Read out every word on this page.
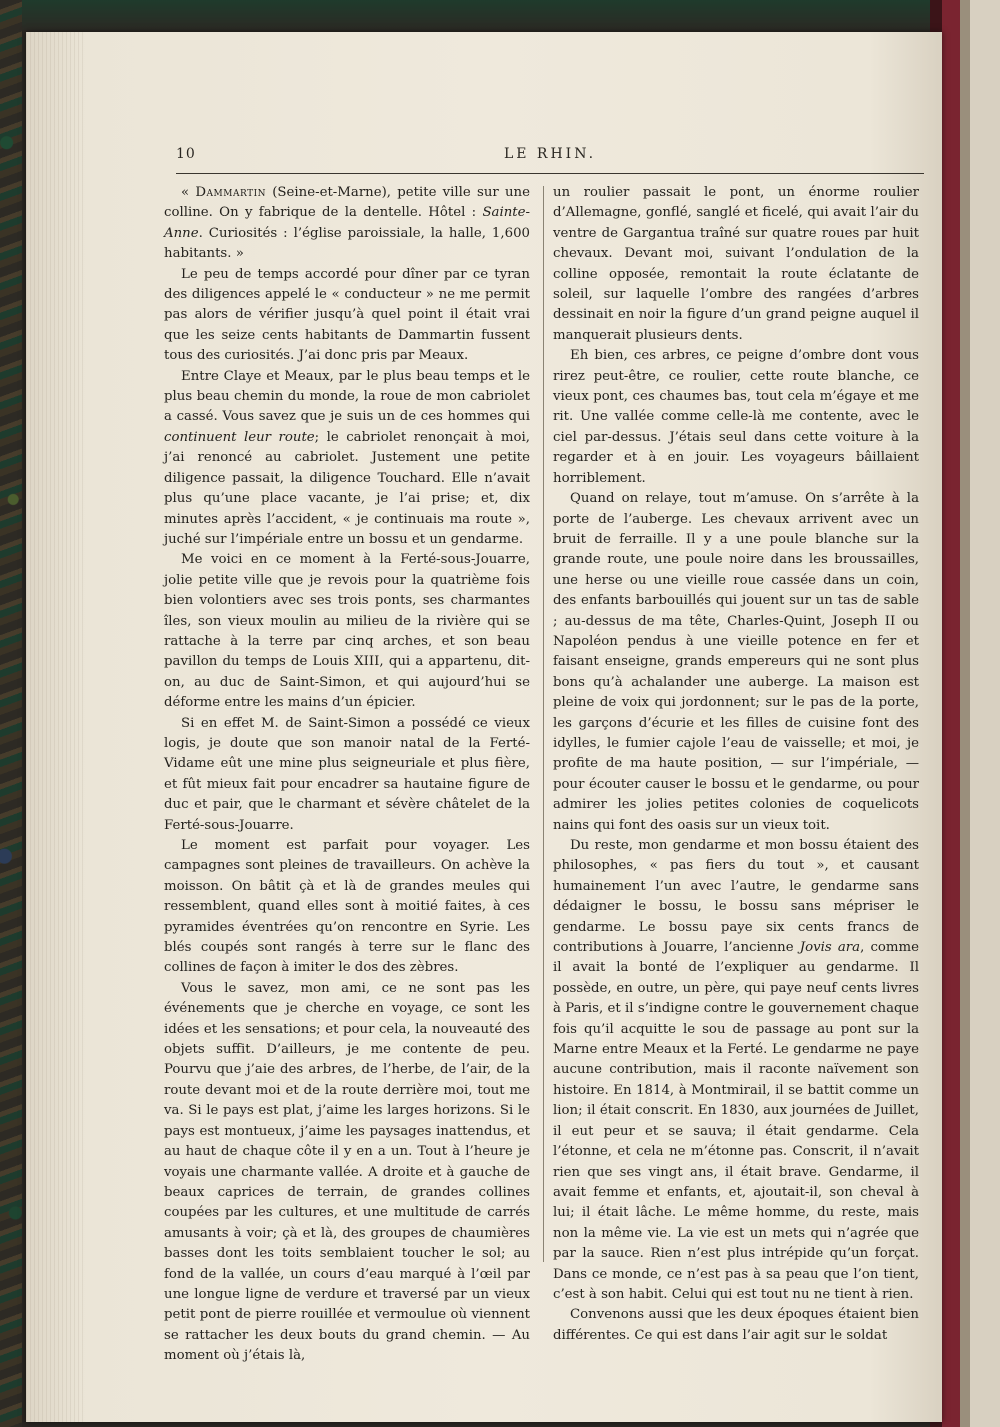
10	LE RHIN.

« Dammartin (Seine-et-Marne), petite ville sur une colline. On y fabrique de la dentelle. Hôtel : Sainte-Anne. Curiosités : l’église paroissiale, la halle, 1,600 habitants. »

Le peu de temps accordé pour dîner par ce tyran des diligences appelé le « conducteur » ne me permit pas alors de vérifier jusqu’à quel point il était vrai que les seize cents habitants de Dammartin fussent tous des curiosités. J’ai donc pris par Meaux.

Entre Claye et Meaux, par le plus beau temps et le plus beau chemin du monde, la roue de mon cabriolet a cassé. Vous savez que je suis un de ces hommes qui continuent leur route; le cabriolet renonçait à moi, j’ai renoncé au cabriolet. Justement une petite diligence passait, la diligence Touchard. Elle n’avait plus qu’une place vacante, je l’ai prise; et, dix minutes après l’accident, « je continuais ma route », juché sur l’impériale entre un bossu et un gendarme.

Me voici en ce moment à la Ferté-sous-Jouarre, jolie petite ville que je revois pour la quatrième fois bien volontiers avec ses trois ponts, ses charmantes îles, son vieux moulin au milieu de la rivière qui se rattache à la terre par cinq arches, et son beau pavillon du temps de Louis XIII, qui a appartenu, dit-on, au duc de Saint-Simon, et qui aujourd’hui se déforme entre les mains d’un épicier.

Si en effet M. de Saint-Simon a possédé ce vieux logis, je doute que son manoir natal de la Ferté-Vidame eût une mine plus seigneuriale et plus fière, et fût mieux fait pour encadrer sa hautaine figure de duc et pair, que le charmant et sévère châtelet de la Ferté-sous-Jouarre.

Le moment est parfait pour voyager. Les campagnes sont pleines de travailleurs. On achève la moisson. On bâtit çà et là de grandes meules qui ressemblent, quand elles sont à moitié faites, à ces pyramides éventrées qu’on rencontre en Syrie. Les blés coupés sont rangés à terre sur le flanc des collines de façon à imiter le dos des zèbres.

Vous le savez, mon ami, ce ne sont pas les événements que je cherche en voyage, ce sont les idées et les sensations; et pour cela, la nouveauté des objets suffit. D’ailleurs, je me contente de peu. Pourvu que j’aie des arbres, de l’herbe, de l’air, de la route devant moi et de la route derrière moi, tout me va. Si le pays est plat, j’aime les larges horizons. Si le pays est montueux, j’aime les paysages inattendus, et au haut de chaque côte il y en a un. Tout à l’heure je voyais une charmante vallée. A droite et à gauche de beaux caprices de terrain, de grandes collines coupées par les cultures, et une multitude de carrés amusants à voir; çà et là, des groupes de chaumières basses dont les toits semblaient toucher le sol; au fond de la vallée, un cours d’eau marqué à l’œil par une longue ligne de verdure et traversé par un vieux petit pont de pierre rouillée et vermoulue où viennent se rattacher les deux bouts du grand chemin. — Au moment où j’étais là,

un roulier passait le pont, un énorme roulier d’Allemagne, gonflé, sanglé et ficelé, qui avait l’air du ventre de Gargantua traîné sur quatre roues par huit chevaux. Devant moi, suivant l’ondulation de la colline opposée, remontait la route éclatante de soleil, sur laquelle l’ombre des rangées d’arbres dessinait en noir la figure d’un grand peigne auquel il manquerait plusieurs dents.

Eh bien, ces arbres, ce peigne d’ombre dont vous rirez peut-être, ce roulier, cette route blanche, ce vieux pont, ces chaumes bas, tout cela m’égaye et me rit. Une vallée comme celle-là me contente, avec le ciel par-dessus. J’étais seul dans cette voiture à la regarder et à en jouir. Les voyageurs bâillaient horriblement.

Quand on relaye, tout m’amuse. On s’arrête à la porte de l’auberge. Les chevaux arrivent avec un bruit de ferraille. Il y a une poule blanche sur la grande route, une poule noire dans les broussailles, une herse ou une vieille roue cassée dans un coin, des enfants barbouillés qui jouent sur un tas de sable ; au-dessus de ma tête, Charles-Quint, Joseph II ou Napoléon pendus à une vieille potence en fer et faisant enseigne, grands empereurs qui ne sont plus bons qu’à achalander une auberge. La maison est pleine de voix qui jordonnent; sur le pas de la porte, les garçons d’écurie et les filles de cuisine font des idylles, le fumier cajole l’eau de vaisselle; et moi, je profite de ma haute position, — sur l’impériale, — pour écouter causer le bossu et le gendarme, ou pour admirer les jolies petites colonies de coquelicots nains qui font des oasis sur un vieux toit.

Du reste, mon gendarme et mon bossu étaient des philosophes, « pas fiers du tout », et causant humainement l’un avec l’autre, le gendarme sans dédaigner le bossu, le bossu sans mépriser le gendarme. Le bossu paye six cents francs de contributions à Jouarre, l’ancienne Jovis ara, comme il avait la bonté de l’expliquer au gendarme. Il possède, en outre, un père, qui paye neuf cents livres à Paris, et il s’indigne contre le gouvernement chaque fois qu’il acquitte le sou de passage au pont sur la Marne entre Meaux et la Ferté. Le gendarme ne paye aucune contribution, mais il raconte naïvement son histoire. En 1814, à Montmirail, il se battit comme un lion; il était conscrit. En 1830, aux journées de Juillet, il eut peur et se sauva; il était gendarme. Cela l’étonne, et cela ne m’étonne pas. Conscrit, il n’avait rien que ses vingt ans, il était brave. Gendarme, il avait femme et enfants, et, ajoutait-il, son cheval à lui; il était lâche. Le même homme, du reste, mais non la même vie. La vie est un mets qui n’agrée que par la sauce. Rien n’est plus intrépide qu’un forçat. Dans ce monde, ce n’est pas à sa peau que l’on tient, c’est à son habit. Celui qui est tout nu ne tient à rien.

Convenons aussi que les deux époques étaient bien différentes. Ce qui est dans l’air agit sur le soldat
